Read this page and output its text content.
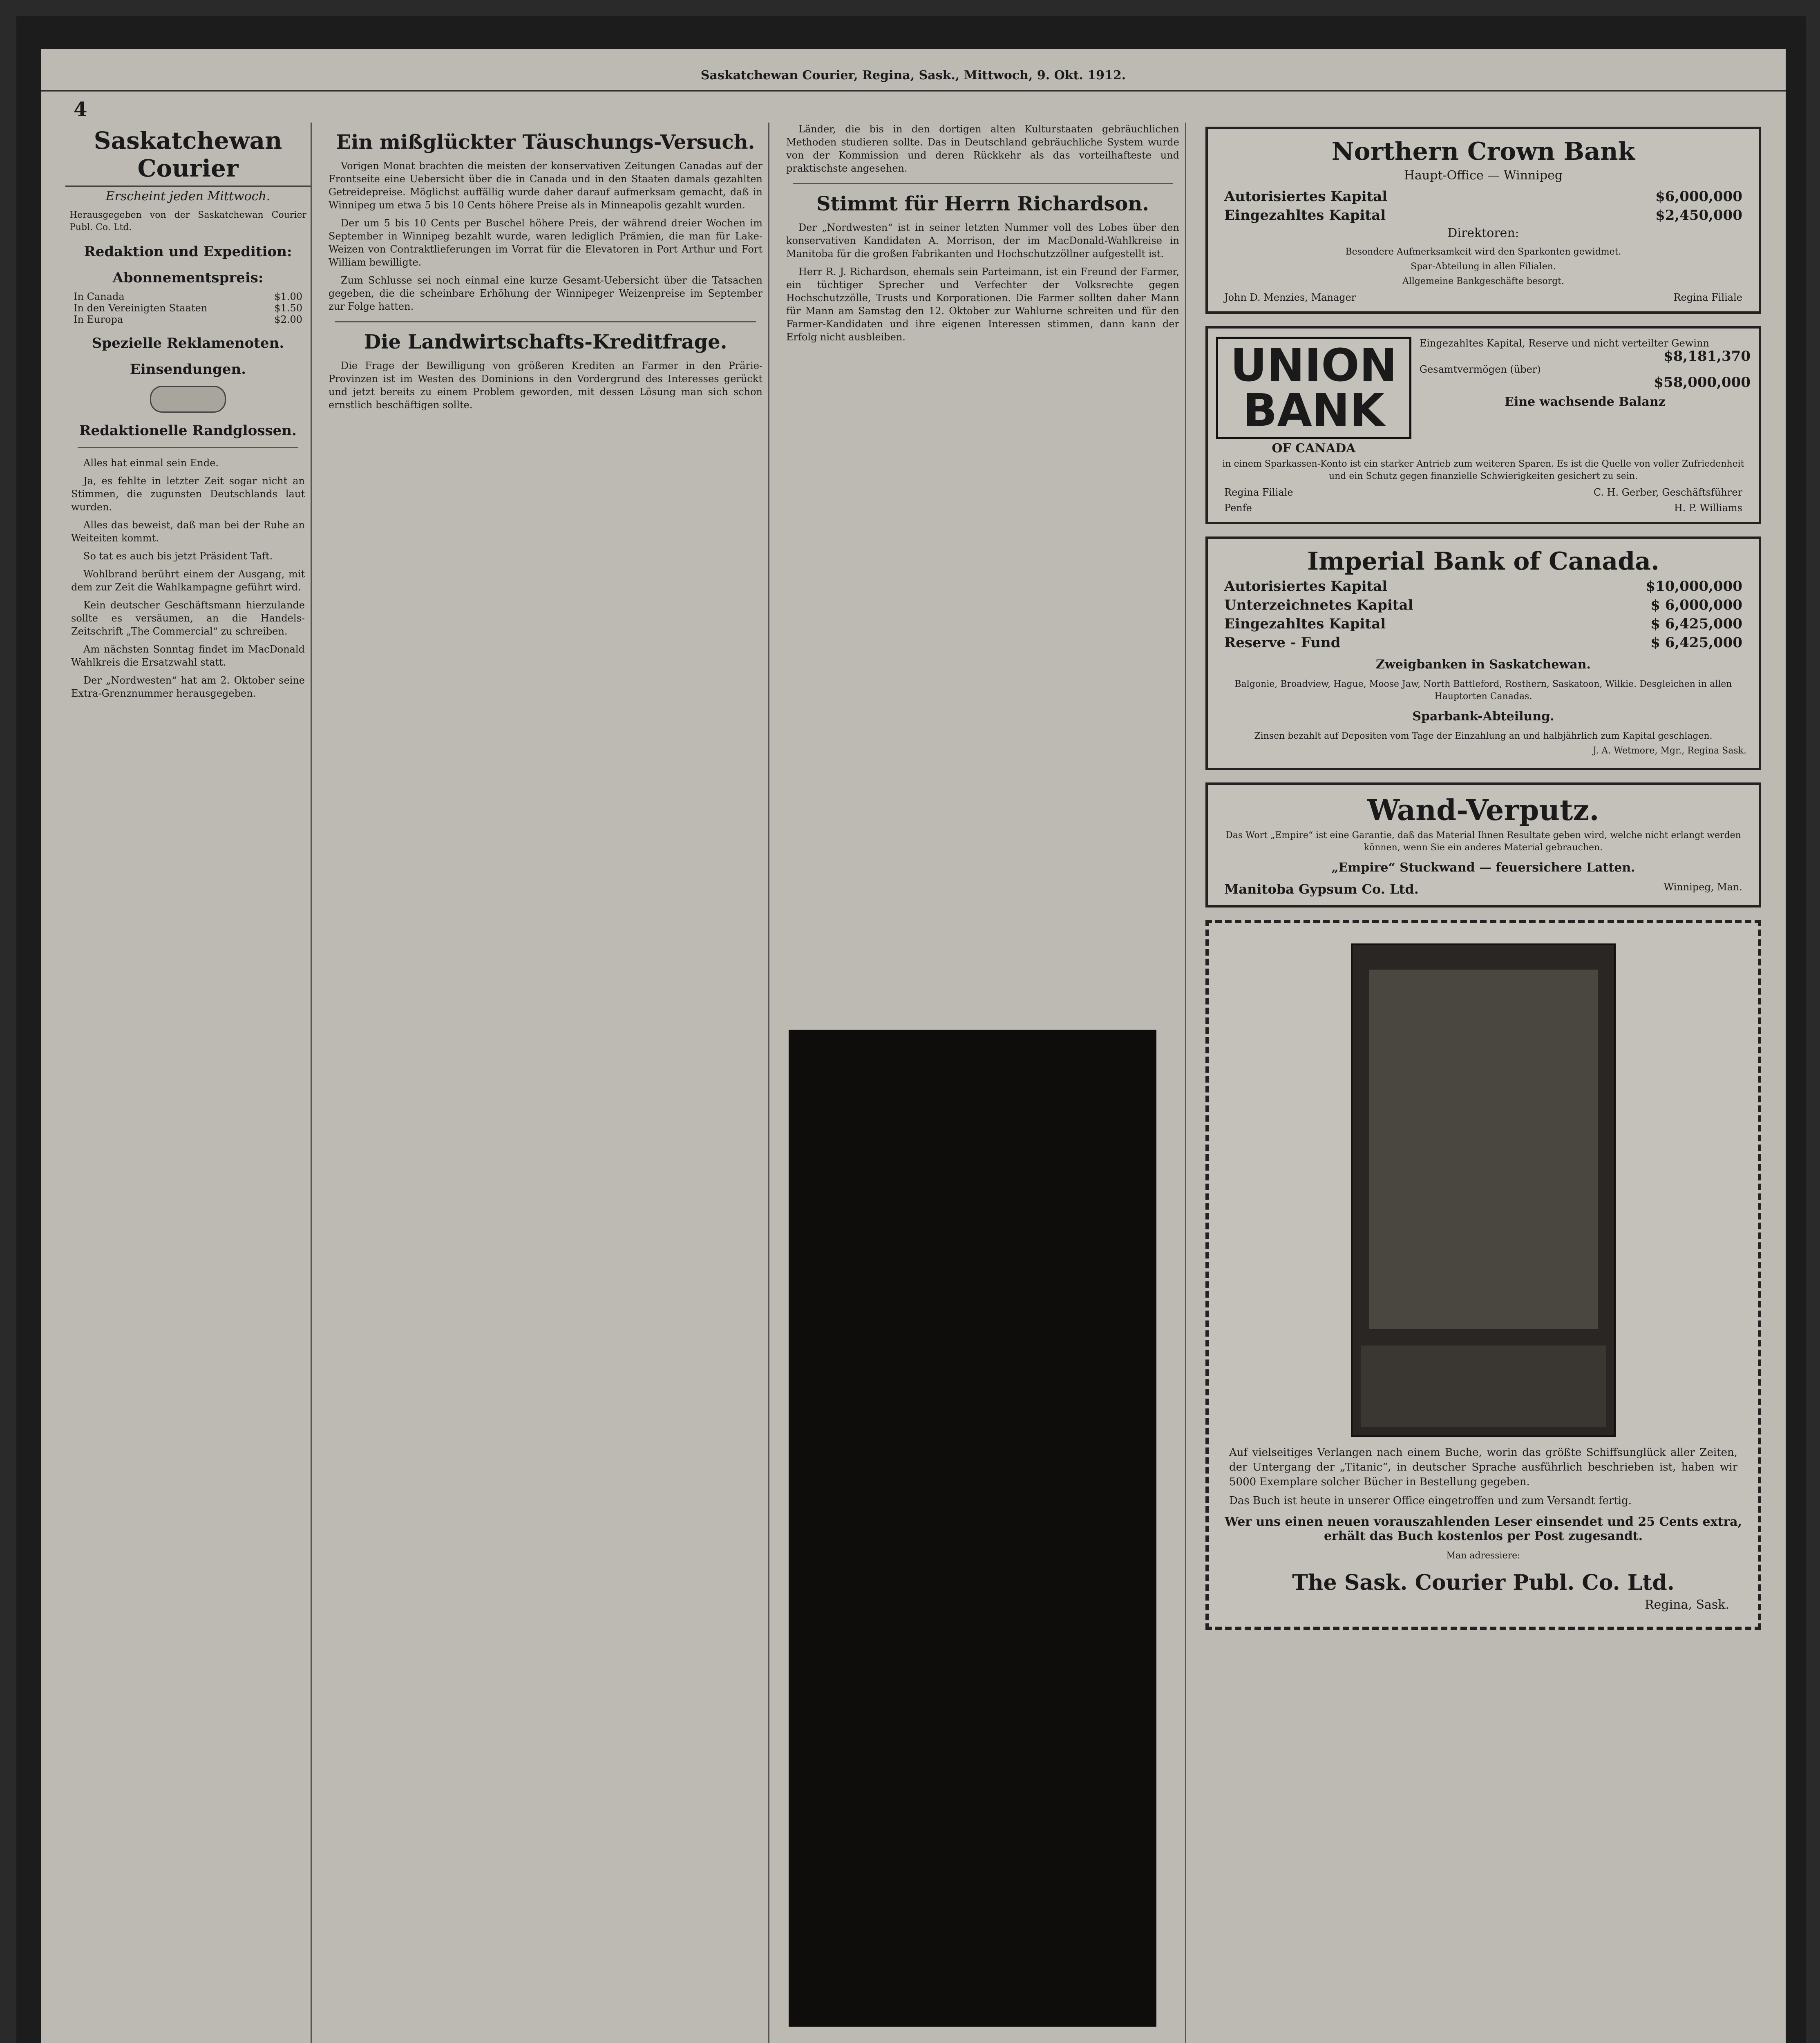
Saskatchewan Courier, Regina, Sask., Mittwoch, 9. Okt. 1912.
4
Saskatchewan Courier
Erscheint jeden Mittwoch.
Herausgegeben von der Saskatchewan Courier Publ. Co. Ltd.
Redaktion und Expedition:
Abonnementspreis:
In Canada	$1.00
In den Vereinigten Staaten	$1.50
In Europa	$2.00
Spezielle Reklamenoten.
Einsendungen.
Redaktionelle Randglossen.
Alles hat einmal sein Ende.
Ja, es fehlte in letzter Zeit sogar nicht an Stimmen, die zugunsten Deutschlands laut wurden.
Alles das beweist, daß man bei der Ruhe an Weiteiten kommt.
So tat es auch bis jetzt Präsident Taft.
Wohlbrand berührt einem der Ausgang, mit dem zur Zeit die Wahlkampagne geführt wird.
Kein deutscher Geschäftsmann hierzulande sollte es versäumen, an die Handels-Zeitschrift „The Commercial“ zu schreiben.
Am nächsten Sonntag findet im MacDonald Wahlkreis die Ersatzwahl statt.
Der „Nordwesten“ hat am 2. Oktober seine Extra-Grenznummer herausgegeben.
Ein mißglückter Täuschungs-Versuch.
Vorigen Monat brachten die meisten der konservativen Zeitungen Canadas auf der Frontseite eine Uebersicht über die in Canada und in den Staaten damals gezahlten Getreidepreise. Möglichst auffällig wurde daher darauf aufmerksam gemacht, daß in Winnipeg um etwa 5 bis 10 Cents höhere Preise als in Minneapolis gezahlt wurden.
Der um 5 bis 10 Cents per Buschel höhere Preis, der während dreier Wochen im September in Winnipeg bezahlt wurde, waren lediglich Prämien, die man für Lake-Weizen von Contraktlieferungen im Vorrat für die Elevatoren in Port Arthur und Fort William bewilligte.
Zum Schlusse sei noch einmal eine kurze Gesamt-Uebersicht über die Tatsachen gegeben, die die scheinbare Erhöhung der Winnipeger Weizenpreise im September zur Folge hatten.
Die Landwirtschafts-Kreditfrage.
Die Frage der Bewilligung von größeren Krediten an Farmer in den Prärie-Provinzen ist im Westen des Dominions in den Vordergrund des Interesses gerückt und jetzt bereits zu einem Problem geworden, mit dessen Lösung man sich schon ernstlich beschäftigen sollte.
Länder, die bis in den dortigen alten Kulturstaaten gebräuchlichen Methoden studieren sollte. Das in Deutschland gebräuchliche System wurde von der Kommission und deren Rückkehr als das vorteilhafteste und praktischste angesehen.
Stimmt für Herrn Richardson.
Der „Nordwesten“ ist in seiner letzten Nummer voll des Lobes über den konservativen Kandidaten A. Morrison, der im MacDonald-Wahlkreise in Manitoba für die großen Fabrikanten und Hochschutzzöllner aufgestellt ist.
Herr R. J. Richardson, ehemals sein Parteimann, ist ein Freund der Farmer, ein tüchtiger Sprecher und Verfechter der Volksrechte gegen Hochschutzzölle, Trusts und Korporationen. Die Farmer sollten daher Mann für Mann am Samstag den 12. Oktober zur Wahlurne schreiten und für den Farmer-Kandidaten und ihre eigenen Interessen stimmen, dann kann der Erfolg nicht ausbleiben.
Northern Crown Bank
Haupt-Office — Winnipeg
Autorisiertes Kapital	$6,000,000
Eingezahltes Kapital	$2,450,000
Direktoren:
Besondere Aufmerksamkeit wird den Sparkonten gewidmet.
Spar-Abteilung in allen Filialen.
Allgemeine Bankgeschäfte besorgt.
John D. Menzies, Manager	Regina Filiale
UNION
BANK
OF CANADA
Eingezahltes Kapital, Reserve und nicht verteilter Gewinn
$8,181,370
Gesamtvermögen (über)
$58,000,000
Eine wachsende Balanz
in einem Sparkassen-Konto ist ein starker Antrieb zum weiteren Sparen. Es ist die Quelle von voller Zufriedenheit und ein Schutz gegen finanzielle Schwierigkeiten gesichert zu sein.
Regina Filiale	C. H. Gerber, Geschäftsführer
Penfe	H. P. Williams
Imperial Bank of Canada.
Autorisiertes Kapital	$10,000,000
Unterzeichnetes Kapital	$ 6,000,000
Eingezahltes Kapital	$ 6,425,000
Reserve - Fund	$ 6,425,000
Zweigbanken in Saskatchewan.
Balgonie, Broadview, Hague, Moose Jaw, North Battleford, Rosthern, Saskatoon, Wilkie. Desgleichen in allen Hauptorten Canadas.
Sparbank-Abteilung.
Zinsen bezahlt auf Depositen vom Tage der Einzahlung an und halbjährlich zum Kapital geschlagen.
J. A. Wetmore, Mgr., Regina Sask.
Wand-Verputz.
Das Wort „Empire“ ist eine Garantie, daß das Material Ihnen Resultate geben wird, welche nicht erlangt werden können, wenn Sie ein anderes Material gebrauchen.
„Empire“ Stuckwand — feuersichere Latten.
Manitoba Gypsum Co. Ltd.	Winnipeg, Man.
Auf vielseitiges Verlangen nach einem Buche, worin das größte Schiffsunglück aller Zeiten, der Untergang der „Titanic“, in deutscher Sprache ausführlich beschrieben ist, haben wir 5000 Exemplare solcher Bücher in Bestellung gegeben.
Das Buch ist heute in unserer Office eingetroffen und zum Versandt fertig.
Wer uns einen neuen vorauszahlenden Leser einsendet und 25 Cents extra, erhält das Buch kostenlos per Post zugesandt.
Man adressiere:
The Sask. Courier Publ. Co. Ltd.
Regina, Sask.
